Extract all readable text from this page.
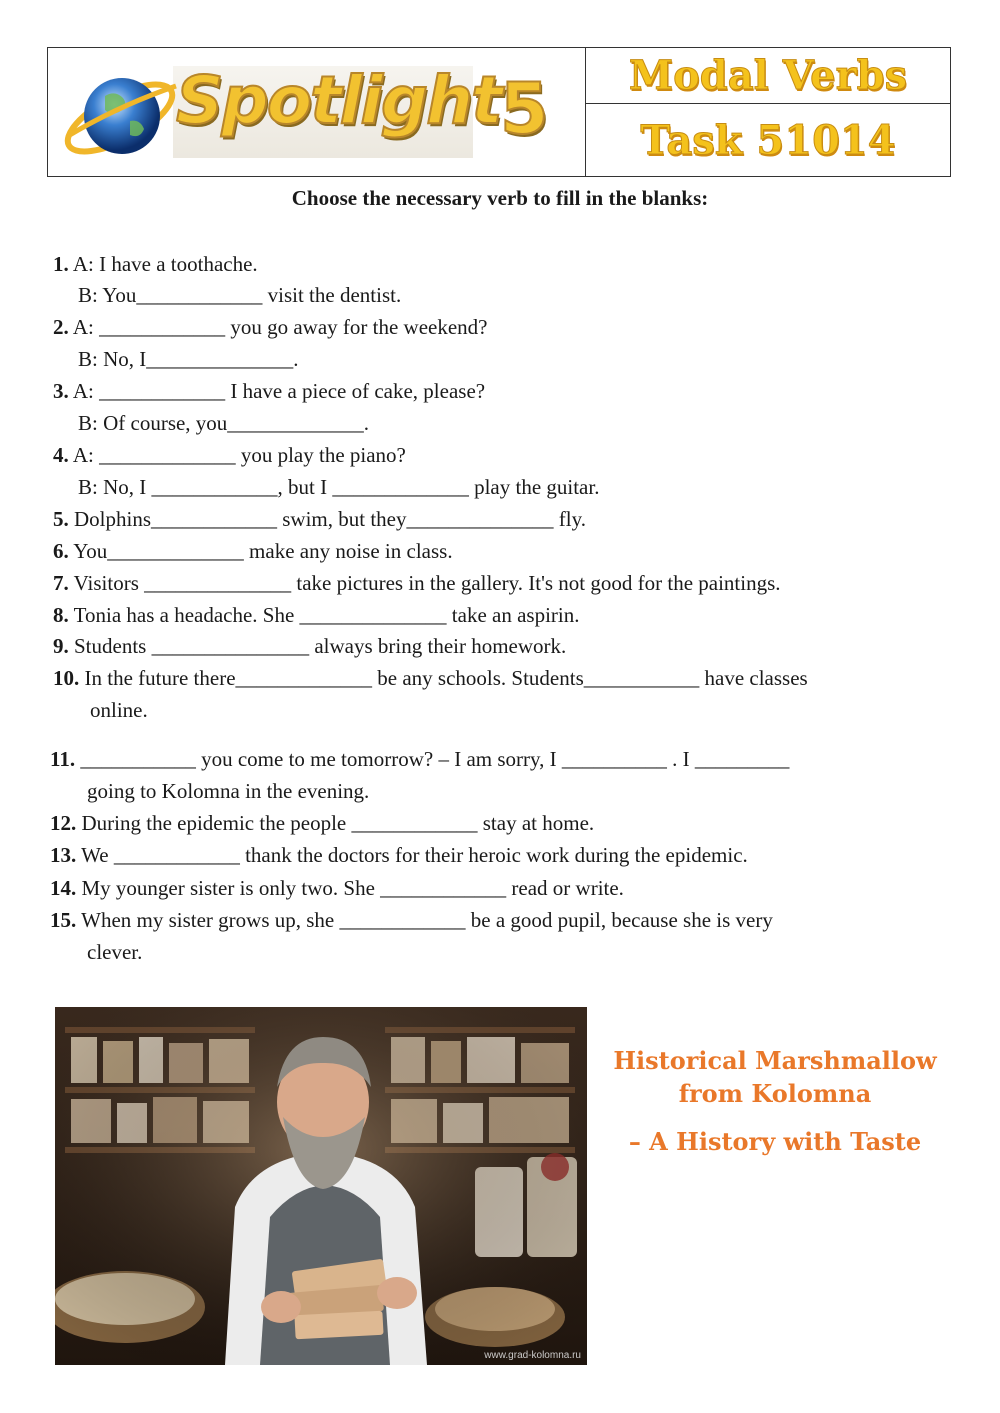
Spotlight 5	Modal Verbs
Task 51014
Choose the necessary verb to fill in the blanks:
1. A: I have a toothache.
B: You____________ visit the dentist.
2. A: ____________ you go away for the weekend?
B: No, I______________.
3. A: ____________ I have a piece of cake, please?
B: Of course, you_____________.
4. A: _____________ you play the piano?
B: No, I ____________, but I _____________ play the guitar.
5. Dolphins____________ swim, but they______________ fly.
6. You_____________ make any noise in class.
7. Visitors ______________ take pictures in the gallery. It's not good for the paintings.
8. Tonia has a headache. She ______________ take an aspirin.
9. Students _______________ always bring their homework.
10. In the future there_____________ be any schools. Students___________ have classes
online.
11. ___________ you come to me tomorrow? – I am sorry, I __________ . I _________
going to Kolomna in the evening.
12. During the epidemic the people ____________ stay at home.
13. We ____________ thank the doctors for their heroic work during the epidemic.
14. My younger sister is only two. She ____________ read or write.
15. When my sister grows up, she ____________ be a good pupil, because she is very
clever.
www.grad-kolomna.ru
Historical Marshmallow
from Kolomna
– A History with Taste
